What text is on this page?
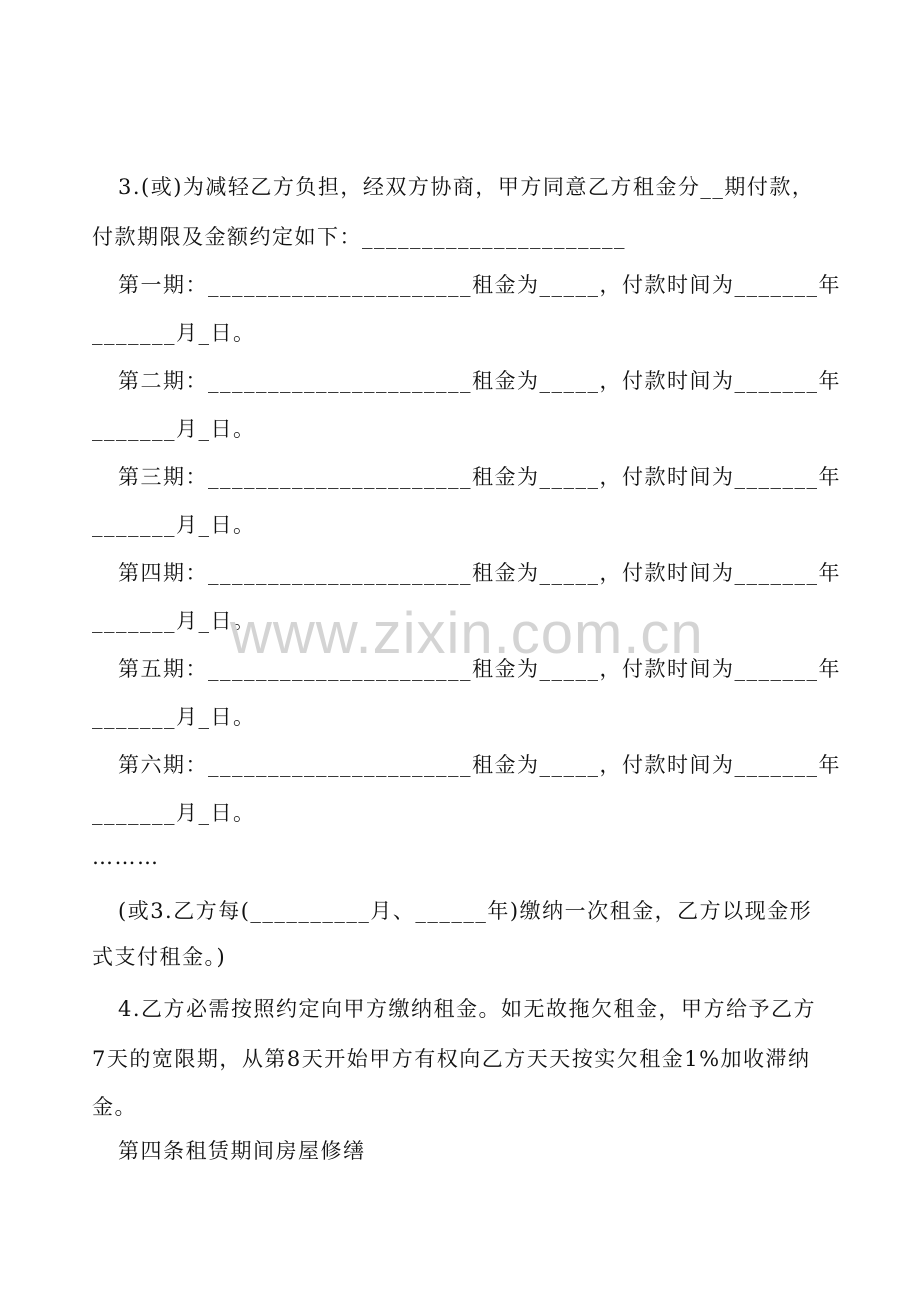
3.(或)为减轻乙方负担，经双方协商，甲方同意乙方租金分__期付款，
付款期限及金额约定如下：______________________
第一期：______________________租金为_____，付款时间为_______年
_______月_日。
第二期：______________________租金为_____，付款时间为_______年
_______月_日。
第三期：______________________租金为_____，付款时间为_______年
_______月_日。
第四期：______________________租金为_____，付款时间为_______年
_______月_日。
第五期：______________________租金为_____，付款时间为_______年
_______月_日。
第六期：______________________租金为_____，付款时间为_______年
_______月_日。
………
(或3.乙方每(__________月、______年)缴纳一次租金，乙方以现金形
式支付租金。)
4.乙方必需按照约定向甲方缴纳租金。如无故拖欠租金，甲方给予乙方
7天的宽限期，从第8天开始甲方有权向乙方天天按实欠租金1%加收滞纳
金。
第四条租赁期间房屋修缮
www.zixin.com.cn
